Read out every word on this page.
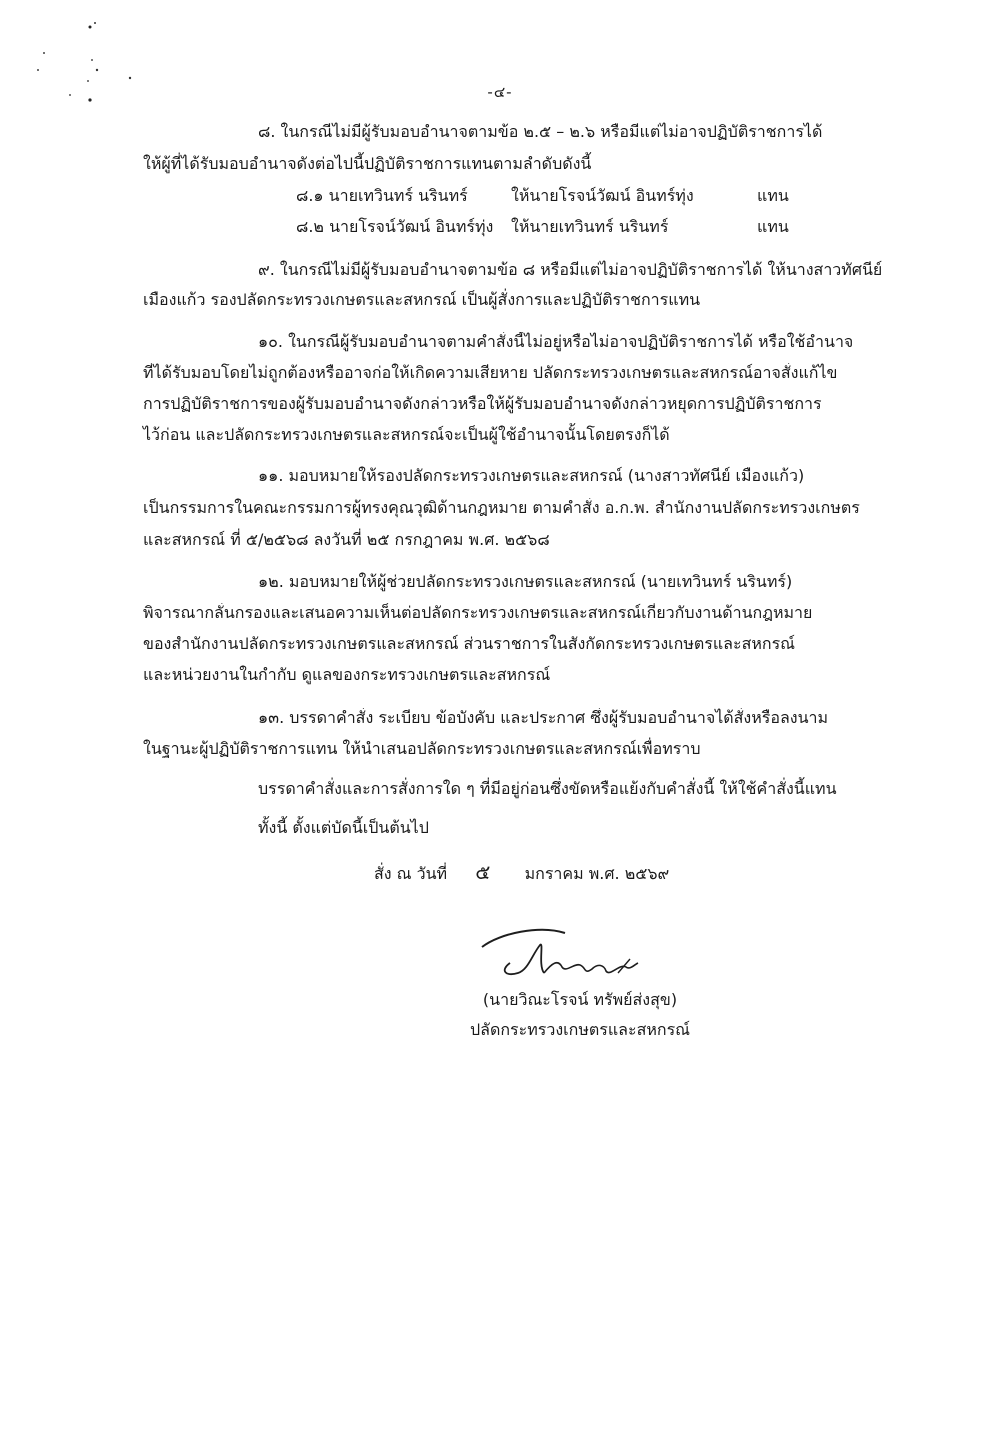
-๔-
๘. ในกรณีไม่มีผู้รับมอบอำนาจตามข้อ ๒.๕ – ๒.๖ หรือมีแต่ไม่อาจปฏิบัติราชการได้
ให้ผู้ที่ได้รับมอบอำนาจดังต่อไปนี้ปฏิบัติราชการแทนตามลำดับดังนี้
๘.๑ นายเทวินทร์ นรินทร์	ให้นายโรจน์วัฒน์ อินทร์ทุ่ง	แทน
๘.๒ นายโรจน์วัฒน์ อินทร์ทุ่ง ให้นายเทวินทร์ นรินทร์	แทน
๙. ในกรณีไม่มีผู้รับมอบอำนาจตามข้อ ๘ หรือมีแต่ไม่อาจปฏิบัติราชการได้ ให้นางสาวทัศนีย์
เมืองแก้ว รองปลัดกระทรวงเกษตรและสหกรณ์ เป็นผู้สั่งการและปฏิบัติราชการแทน
๑๐. ในกรณีผู้รับมอบอำนาจตามคำสั่งนี้ไม่อยู่หรือไม่อาจปฏิบัติราชการได้ หรือใช้อำนาจ
ที่ได้รับมอบโดยไม่ถูกต้องหรืออาจก่อให้เกิดความเสียหาย ปลัดกระทรวงเกษตรและสหกรณ์อาจสั่งแก้ไข
การปฏิบัติราชการของผู้รับมอบอำนาจดังกล่าวหรือให้ผู้รับมอบอำนาจดังกล่าวหยุดการปฏิบัติราชการ
ไว้ก่อน และปลัดกระทรวงเกษตรและสหกรณ์จะเป็นผู้ใช้อำนาจนั้นโดยตรงก็ได้
๑๑. มอบหมายให้รองปลัดกระทรวงเกษตรและสหกรณ์ (นางสาวทัศนีย์ เมืองแก้ว)
เป็นกรรมการในคณะกรรมการผู้ทรงคุณวุฒิด้านกฎหมาย ตามคำสั่ง อ.ก.พ. สำนักงานปลัดกระทรวงเกษตร
และสหกรณ์ ที่ ๕/๒๕๖๘ ลงวันที่ ๒๕ กรกฎาคม พ.ศ. ๒๕๖๘
๑๒. มอบหมายให้ผู้ช่วยปลัดกระทรวงเกษตรและสหกรณ์ (นายเทวินทร์ นรินทร์)
พิจารณากลั่นกรองและเสนอความเห็นต่อปลัดกระทรวงเกษตรและสหกรณ์เกี่ยวกับงานด้านกฎหมาย
ของสำนักงานปลัดกระทรวงเกษตรและสหกรณ์ ส่วนราชการในสังกัดกระทรวงเกษตรและสหกรณ์
และหน่วยงานในกำกับ ดูแลของกระทรวงเกษตรและสหกรณ์
๑๓. บรรดาคำสั่ง ระเบียบ ข้อบังคับ และประกาศ ซึ่งผู้รับมอบอำนาจได้สั่งหรือลงนาม
ในฐานะผู้ปฏิบัติราชการแทน ให้นำเสนอปลัดกระทรวงเกษตรและสหกรณ์เพื่อทราบ
บรรดาคำสั่งและการสั่งการใด ๆ ที่มีอยู่ก่อนซึ่งขัดหรือแย้งกับคำสั่งนี้ ให้ใช้คำสั่งนี้แทน
ทั้งนี้ ตั้งแต่บัดนี้เป็นต้นไป
สั่ง ณ วันที่ ๕ มกราคม พ.ศ. ๒๕๖๙
(นายวิณะโรจน์ ทรัพย์ส่งสุข)
ปลัดกระทรวงเกษตรและสหกรณ์
